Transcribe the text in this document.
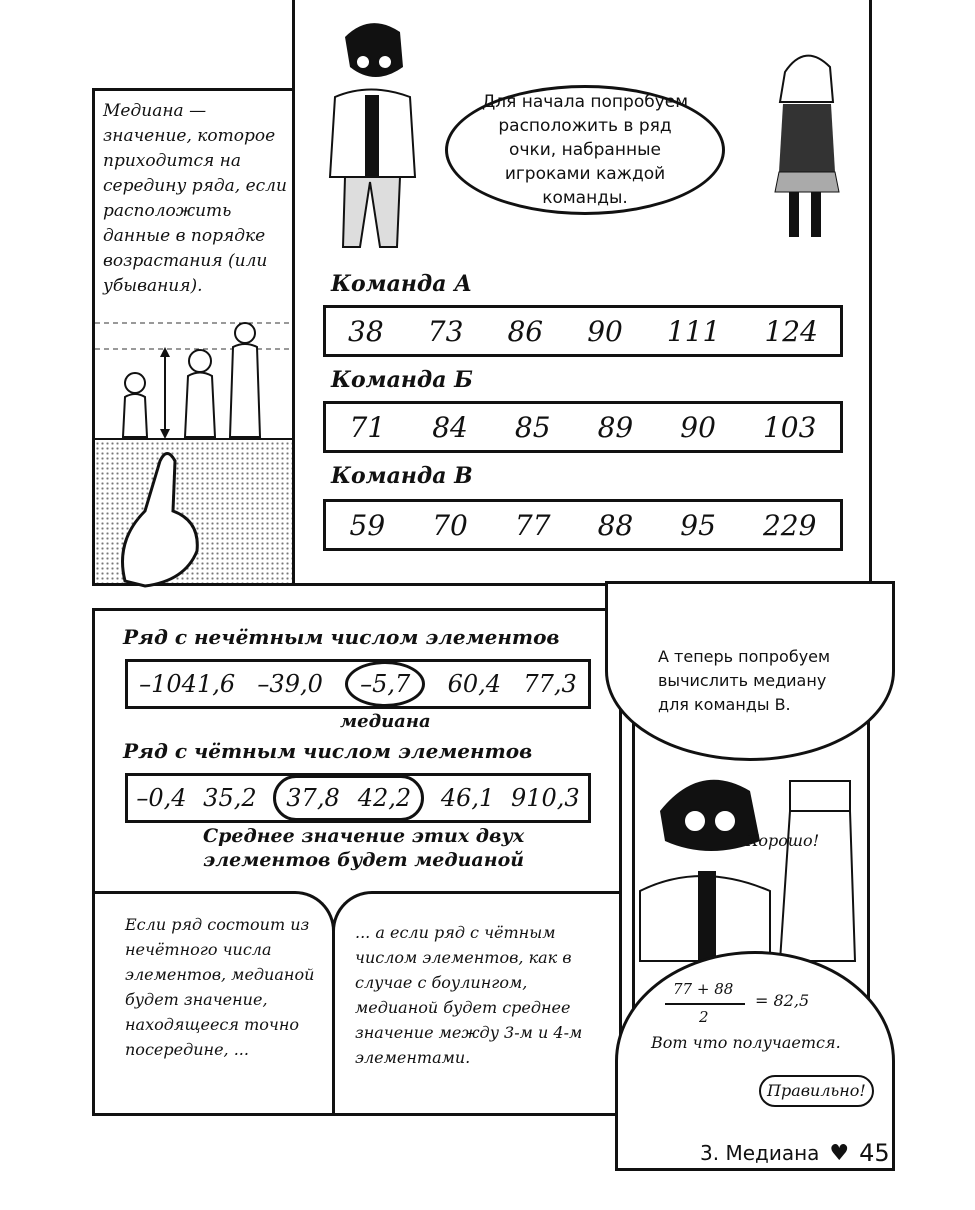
Медиана — значение, которое приходится на середину ряда, если расположить данные в порядке возрастания (или убывания).
Для начала попробуем расположить в ряд очки, набранные игроками каждой команды.
Команда А
38 73 86 90 111 124
Команда Б
71 84 85 89 90 103
Команда В
59 70 77 88 95 229
Ряд с нечётным числом элементов
–1041,6 –39,0	–5,7	60,4 77,3
медиана
Ряд с чётным числом элементов
–0,4 35,2	37,8 42,2	46,1 910,3
Среднее значение этих двух
элементов будет медианой
Если ряд состоит из нечётного числа элементов, медианой будет значение, находящееся точно посередине, ...
... а если ряд с чётным числом элементов, как в случае с боулингом, медианой будет среднее значение между 3-м и 4-м элементами.
А теперь попробуем вычислить медиану для команды В.
Хорошо!
77 + 88
2
= 82,5
Вот что получается.
Правильно!
3. Медиана ♥ 45
